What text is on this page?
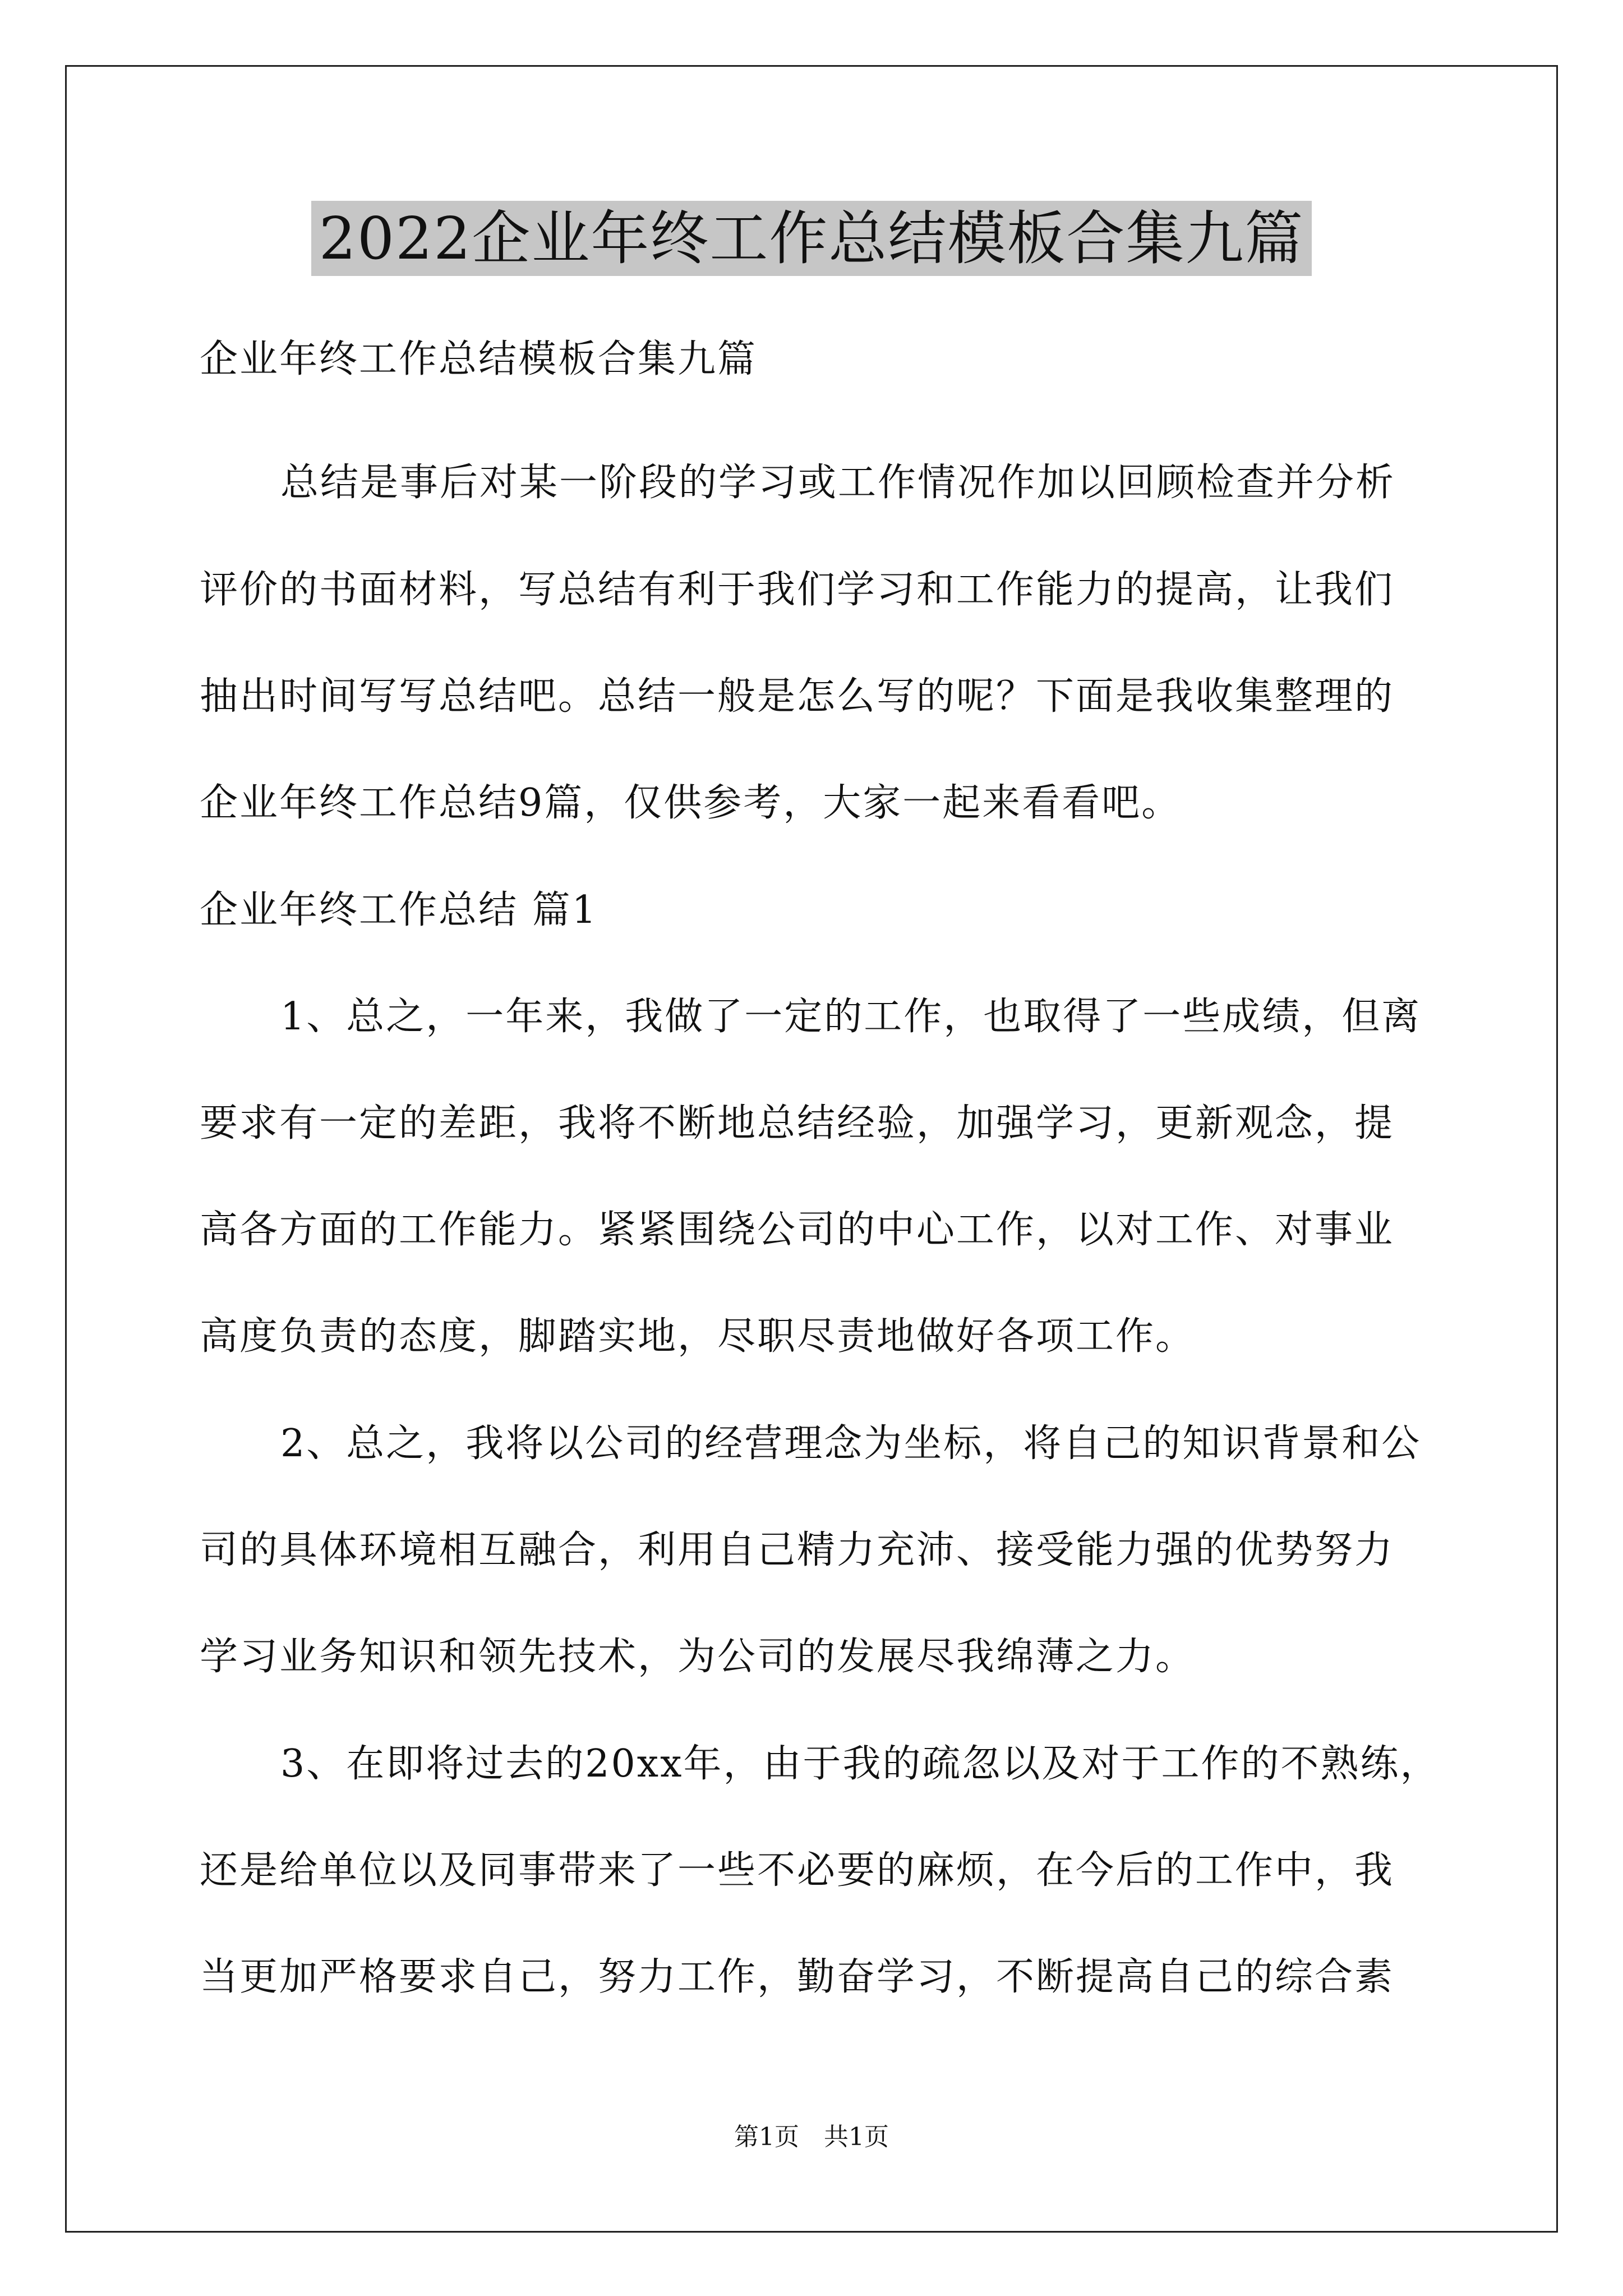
2022企业年终工作总结模板合集九篇
企业年终工作总结模板合集九篇
总结是事后对某一阶段的学习或工作情况作加以回顾检查并分析
评价的书面材料，写总结有利于我们学习和工作能力的提高，让我们
抽出时间写写总结吧。总结一般是怎么写的呢？下面是我收集整理的
企业年终工作总结9篇，仅供参考，大家一起来看看吧。
企业年终工作总结 篇1
1、总之，一年来，我做了一定的工作，也取得了一些成绩，但离
要求有一定的差距，我将不断地总结经验，加强学习，更新观念，提
高各方面的工作能力。紧紧围绕公司的中心工作，以对工作、对事业
高度负责的态度，脚踏实地，尽职尽责地做好各项工作。
2、总之，我将以公司的经营理念为坐标，将自己的知识背景和公
司的具体环境相互融合，利用自己精力充沛、接受能力强的优势努力
学习业务知识和领先技术，为公司的发展尽我绵薄之力。
3、在即将过去的20xx年，由于我的疏忽以及对于工作的不熟练，
还是给单位以及同事带来了一些不必要的麻烦，在今后的工作中，我
当更加严格要求自己，努力工作，勤奋学习，不断提高自己的综合素
第1页　共1页
